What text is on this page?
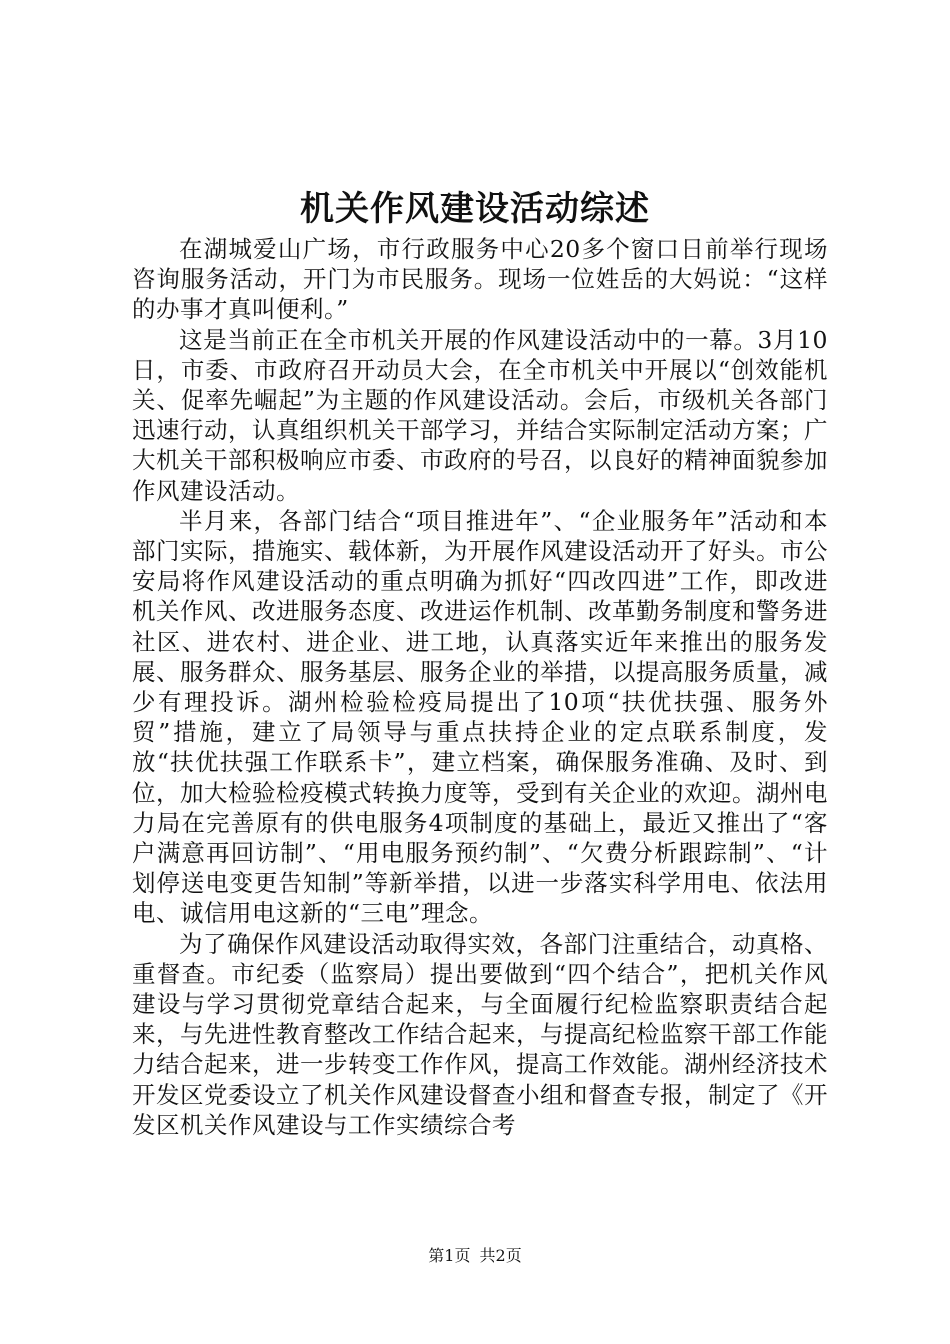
机关作风建设活动综述

在湖城爱山广场，市行政服务中心20多个窗口日前举行现场咨询服务活动，开门为市民服务。现场一位姓岳的大妈说：“这样的办事才真叫便利。”

这是当前正在全市机关开展的作风建设活动中的一幕。3月10日，市委、市政府召开动员大会，在全市机关中开展以“创效能机关、促率先崛起”为主题的作风建设活动。会后，市级机关各部门迅速行动，认真组织机关干部学习，并结合实际制定活动方案；广大机关干部积极响应市委、市政府的号召，以良好的精神面貌参加作风建设活动。

半月来，各部门结合“项目推进年”、“企业服务年”活动和本部门实际，措施实、载体新，为开展作风建设活动开了好头。市公安局将作风建设活动的重点明确为抓好“四改四进”工作，即改进机关作风、改进服务态度、改进运作机制、改革勤务制度和警务进社区、进农村、进企业、进工地，认真落实近年来推出的服务发展、服务群众、服务基层、服务企业的举措，以提高服务质量，减少有理投诉。湖州检验检疫局提出了10项“扶优扶强、服务外贸”措施，建立了局领导与重点扶持企业的定点联系制度，发放“扶优扶强工作联系卡”，建立档案，确保服务准确、及时、到位，加大检验检疫模式转换力度等，受到有关企业的欢迎。湖州电力局在完善原有的供电服务4项制度的基础上，最近又推出了“客户满意再回访制”、“用电服务预约制”、“欠费分析跟踪制”、“计划停送电变更告知制”等新举措，以进一步落实科学用电、依法用电、诚信用电这新的“三电”理念。

为了确保作风建设活动取得实效，各部门注重结合，动真格、重督查。市纪委（监察局）提出要做到“四个结合”，把机关作风建设与学习贯彻党章结合起来，与全面履行纪检监察职责结合起来，与先进性教育整改工作结合起来，与提高纪检监察干部工作能力结合起来，进一步转变工作作风，提高工作效能。湖州经济技术开发区党委设立了机关作风建设督查小组和督查专报，制定了《开发区机关作风建设与工作实绩综合考

第1页 共2页
